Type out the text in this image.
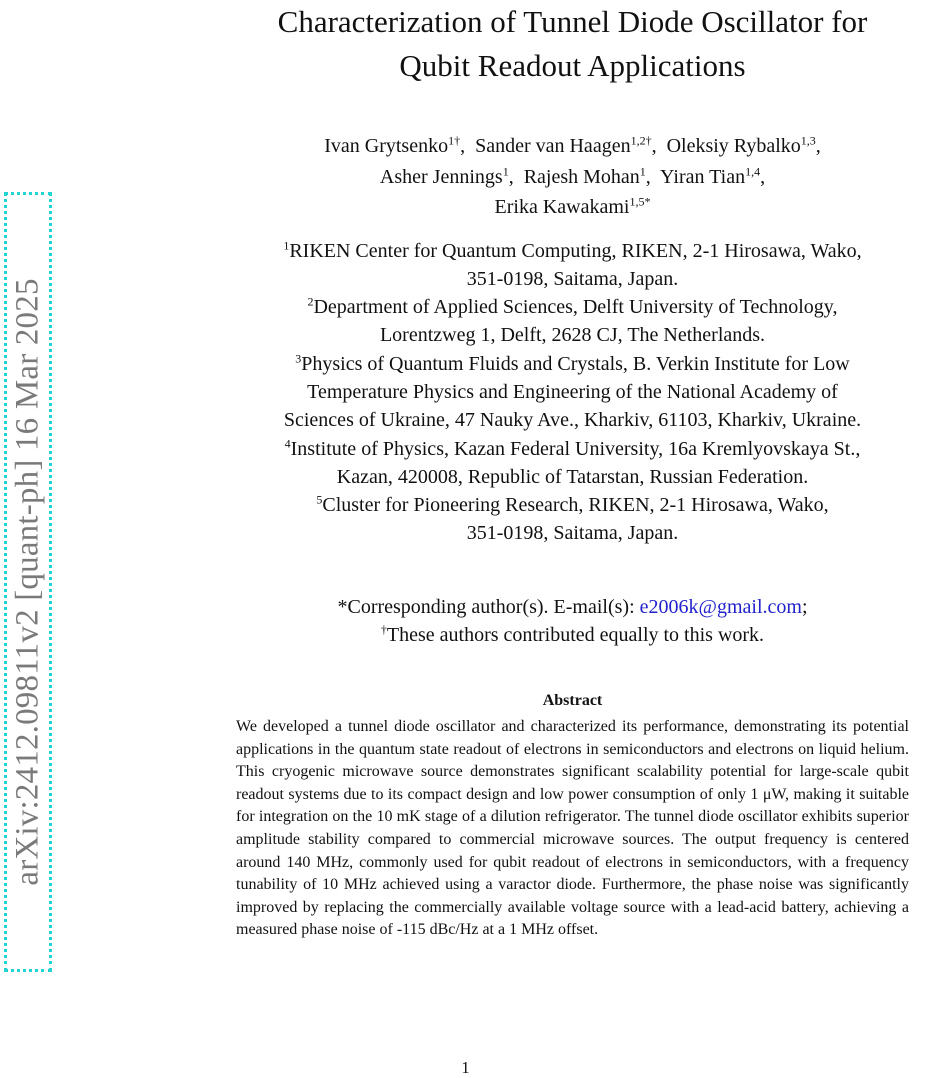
arXiv:2412.09811v2 [quant-ph] 16 Mar 2025
Characterization of Tunnel Diode Oscillator for
Qubit Readout Applications
Ivan Grytsenko$^{1\dagger}$,  Sander van Haagen$^{1,2\dagger}$,  Oleksiy Rybalko$^{1,3}$,
Asher Jennings$^1$,  Rajesh Mohan$^1$,  Yiran Tian$^{1,4}$,
Erika Kawakami$^{1,5*}$
$^1$RIKEN Center for Quantum Computing, RIKEN, 2-1 Hirosawa, Wako,
351-0198, Saitama, Japan.
$^2$Department of Applied Sciences, Delft University of Technology,
Lorentzweg 1, Delft, 2628 CJ, The Netherlands.
$^3$Physics of Quantum Fluids and Crystals, B. Verkin Institute for Low
Temperature Physics and Engineering of the National Academy of
Sciences of Ukraine, 47 Nauky Ave., Kharkiv, 61103, Kharkiv, Ukraine.
$^4$Institute of Physics, Kazan Federal University, 16a Kremlyovskaya St.,
Kazan, 420008, Republic of Tatarstan, Russian Federation.
$^5$Cluster for Pioneering Research, RIKEN, 2-1 Hirosawa, Wako,
351-0198, Saitama, Japan.
*Corresponding author(s). E-mail(s): e2006k@gmail.com;
†These authors contributed equally to this work.

Abstract

We developed a tunnel diode oscillator and characterized its performance, demonstrating its potential applications in the quantum state readout of electrons in semiconductors and electrons on liquid helium. This cryogenic microwave source demonstrates significant scalability potential for large-scale qubit readout systems due to its compact design and low power consumption of only 1 μW, making it suitable for integration on the 10 mK stage of a dilution refrigerator. The tunnel diode oscillator exhibits superior amplitude stability compared to commercial microwave sources. The output frequency is centered around 140 MHz, commonly used for qubit readout of electrons in semiconductors, with a frequency tunability of 10 MHz achieved using a varactor diode. Furthermore, the phase noise was significantly improved by replacing the commercially available voltage source with a lead-acid battery, achieving a measured phase noise of -115 dBc/Hz at a 1 MHz offset.

1
